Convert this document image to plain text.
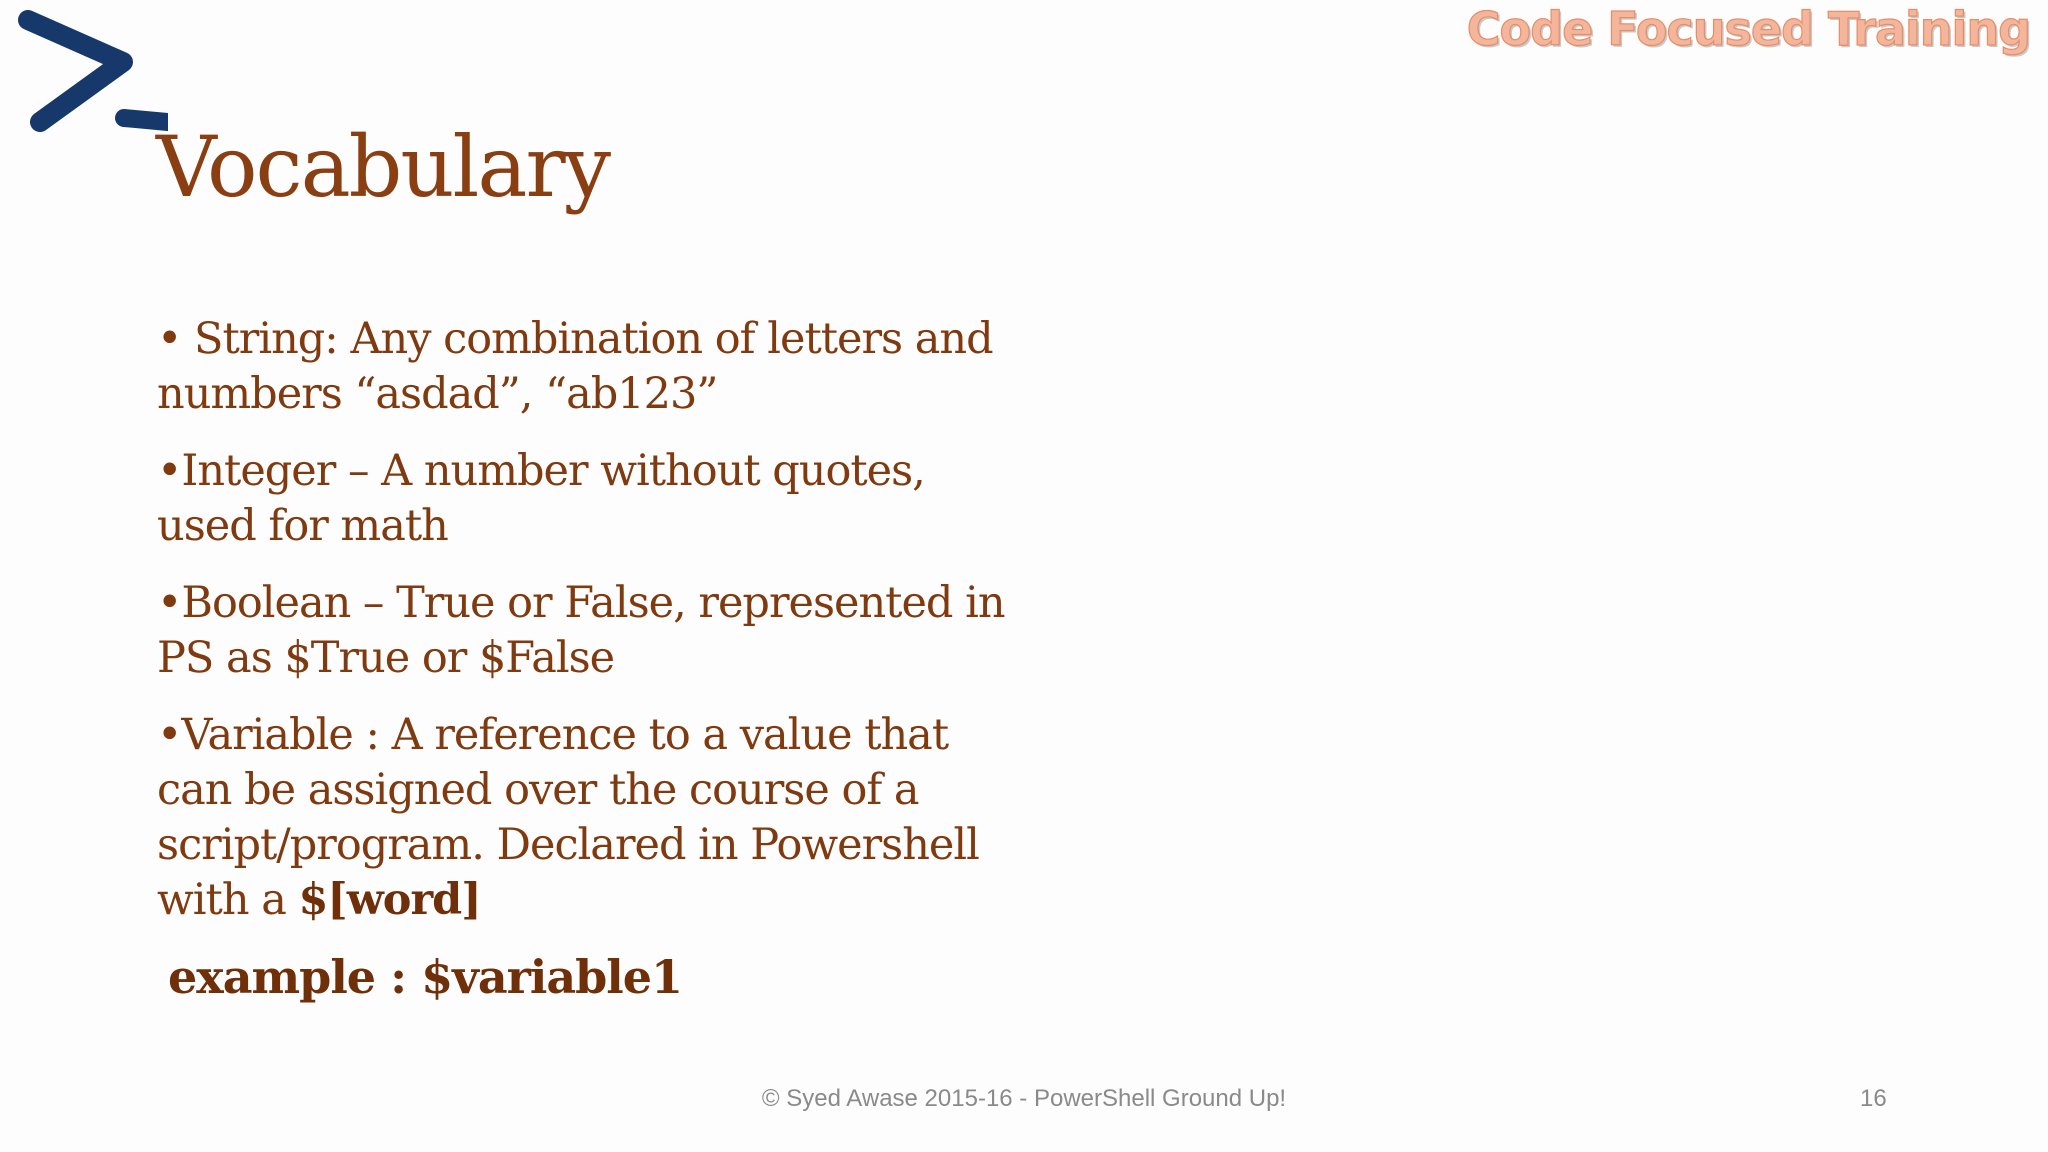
Code Focused Training
Vocabulary

• String: Any combination of letters and numbers “asdad”, “ab123”

•Integer – A number without quotes, used for math

•Boolean – True or False, represented in PS as $True or $False

•Variable : A reference to a value that can be assigned over the course of a script/program. Declared in Powershell with a $[word]

example : $variable1

© Syed Awase 2015-16 - PowerShell Ground Up!	16
